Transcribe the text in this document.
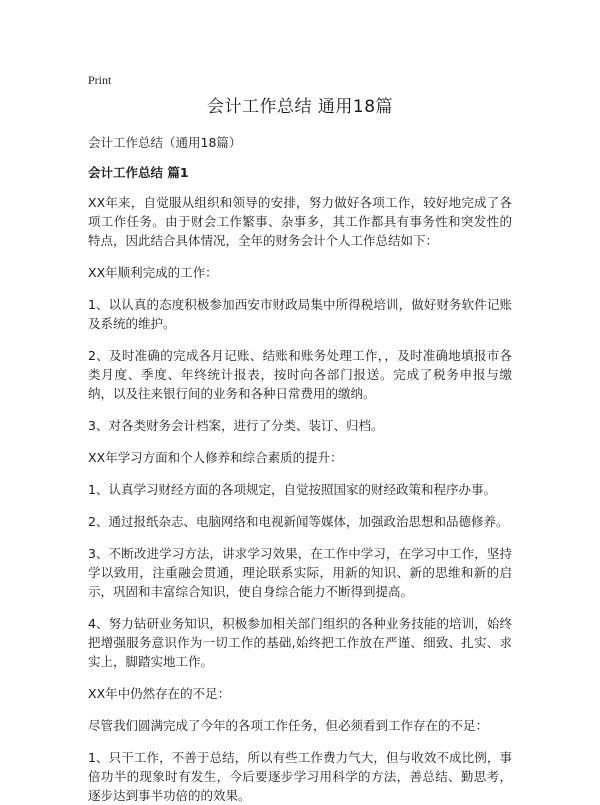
Print
会计工作总结 通用18篇
会计工作总结（通用18篇）
会计工作总结 篇1

XX年来，自觉服从组织和领导的安排，努力做好各项工作，较好地完成了各项工作任务。由于财会工作繁事、杂事多，其工作都具有事务性和突发性的特点，因此结合具体情况，全年的财务会计个人工作总结如下：

XX年顺利完成的工作：

1、以认真的态度积极参加西安市财政局集中所得税培训，做好财务软件记账及系统的维护。

2、及时准确的完成各月记账、结账和账务处理工作，，及时准确地填报市各类月度、季度、年终统计报表，按时向各部门报送。完成了税务申报与缴纳，以及往来银行间的业务和各种日常费用的缴纳。

3、对各类财务会计档案，进行了分类、装订、归档。

XX年学习方面和个人修养和综合素质的提升：

1、认真学习财经方面的各项规定，自觉按照国家的财经政策和程序办事。

2、通过报纸杂志、电脑网络和电视新闻等媒体，加强政治思想和品德修养。

3、不断改进学习方法，讲求学习效果，在工作中学习，在学习中工作，坚持学以致用，注重融会贯通，理论联系实际，用新的知识、新的思维和新的启示，巩固和丰富综合知识，使自身综合能力不断得到提高。

4、努力钻研业务知识，积极参加相关部门组织的各种业务技能的培训，始终把增强服务意识作为一切工作的基础,始终把工作放在严谨、细致、扎实、求实上，脚踏实地工作。

XX年中仍然存在的不足：

尽管我们圆满完成了今年的各项工作任务，但必须看到工作存在的不足：

1、只干工作，不善于总结，所以有些工作费力气大，但与收效不成比例，事倍功半的现象时有发生，今后要逐步学习用科学的方法，善总结、勤思考，逐步达到事半功倍的的效果。
